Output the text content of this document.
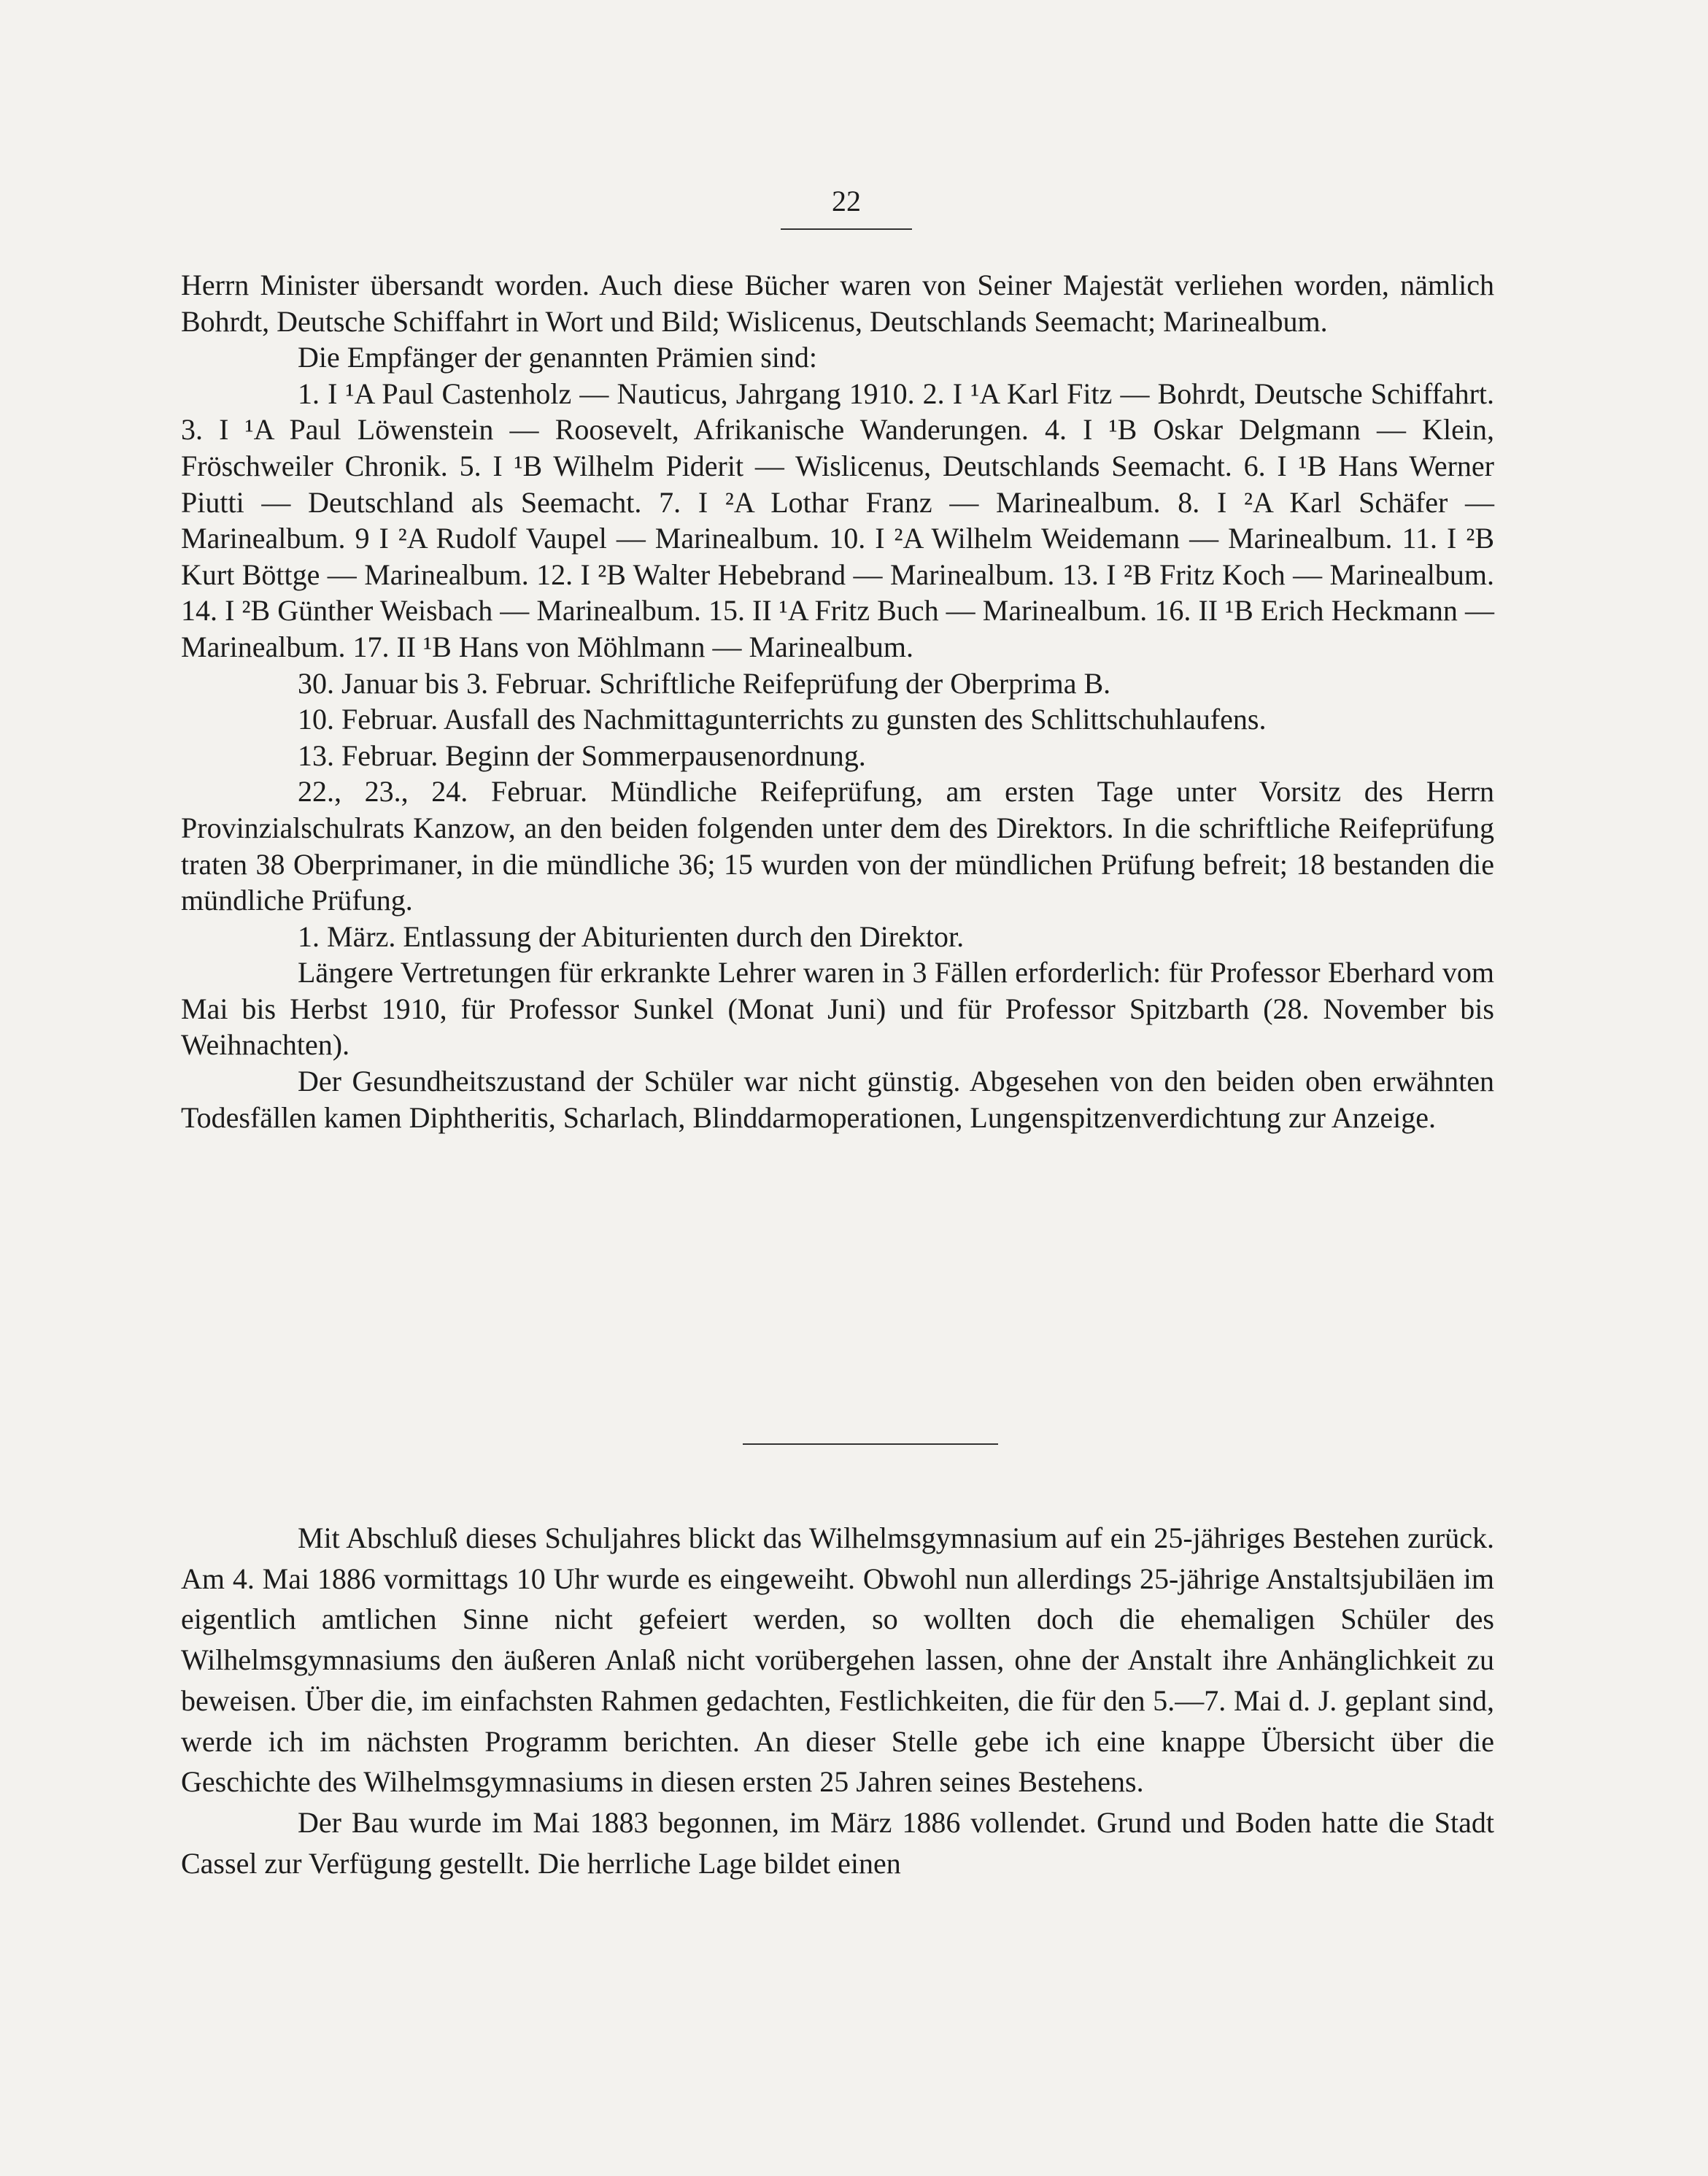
22

Herrn Minister übersandt worden. Auch diese Bücher waren von Seiner Majestät verliehen worden, nämlich Bohrdt, Deutsche Schiffahrt in Wort und Bild; Wislicenus, Deutschlands Seemacht; Marinealbum.

Die Empfänger der genannten Prämien sind:

1. I ¹A Paul Castenholz — Nauticus, Jahrgang 1910. 2. I ¹A Karl Fitz — Bohrdt, Deutsche Schiffahrt. 3. I ¹A Paul Löwenstein — Roosevelt, Afrikanische Wanderungen. 4. I ¹B Oskar Delgmann — Klein, Fröschweiler Chronik. 5. I ¹B Wilhelm Piderit — Wislicenus, Deutschlands Seemacht. 6. I ¹B Hans Werner Piutti — Deutschland als Seemacht. 7. I ²A Lothar Franz — Marinealbum. 8. I ²A Karl Schäfer — Marinealbum. 9 I ²A Rudolf Vaupel — Marinealbum. 10. I ²A Wilhelm Weidemann — Marinealbum. 11. I ²B Kurt Böttge — Marinealbum. 12. I ²B Walter Hebebrand — Marinealbum. 13. I ²B Fritz Koch — Marinealbum. 14. I ²B Günther Weisbach — Marinealbum. 15. II ¹A Fritz Buch — Marinealbum. 16. II ¹B Erich Heckmann — Marinealbum. 17. II ¹B Hans von Möhlmann — Marinealbum.

30. Januar bis 3. Februar. Schriftliche Reifeprüfung der Oberprima B.

10. Februar. Ausfall des Nachmittagunterrichts zu gunsten des Schlittschuhlaufens.

13. Februar. Beginn der Sommerpausenordnung.

22., 23., 24. Februar. Mündliche Reifeprüfung, am ersten Tage unter Vorsitz des Herrn Provinzialschulrats Kanzow, an den beiden folgenden unter dem des Direktors. In die schriftliche Reifeprüfung traten 38 Oberprimaner, in die mündliche 36; 15 wurden von der mündlichen Prüfung befreit; 18 bestanden die mündliche Prüfung.

1. März. Entlassung der Abiturienten durch den Direktor.

Längere Vertretungen für erkrankte Lehrer waren in 3 Fällen erforderlich: für Professor Eberhard vom Mai bis Herbst 1910, für Professor Sunkel (Monat Juni) und für Professor Spitzbarth (28. November bis Weihnachten).

Der Gesundheitszustand der Schüler war nicht günstig. Abgesehen von den beiden oben erwähnten Todesfällen kamen Diphtheritis, Scharlach, Blinddarmoperationen, Lungenspitzenverdichtung zur Anzeige.

Mit Abschluß dieses Schuljahres blickt das Wilhelmsgymnasium auf ein 25-jähriges Bestehen zurück. Am 4. Mai 1886 vormittags 10 Uhr wurde es eingeweiht. Obwohl nun allerdings 25-jährige Anstaltsjubiläen im eigentlich amtlichen Sinne nicht gefeiert werden, so wollten doch die ehemaligen Schüler des Wilhelmsgymnasiums den äußeren Anlaß nicht vorübergehen lassen, ohne der Anstalt ihre Anhänglichkeit zu beweisen. Über die, im einfachsten Rahmen gedachten, Festlichkeiten, die für den 5.—7. Mai d. J. geplant sind, werde ich im nächsten Programm berichten. An dieser Stelle gebe ich eine knappe Übersicht über die Geschichte des Wilhelmsgymnasiums in diesen ersten 25 Jahren seines Bestehens.

Der Bau wurde im Mai 1883 begonnen, im März 1886 vollendet. Grund und Boden hatte die Stadt Cassel zur Verfügung gestellt. Die herrliche Lage bildet einen
